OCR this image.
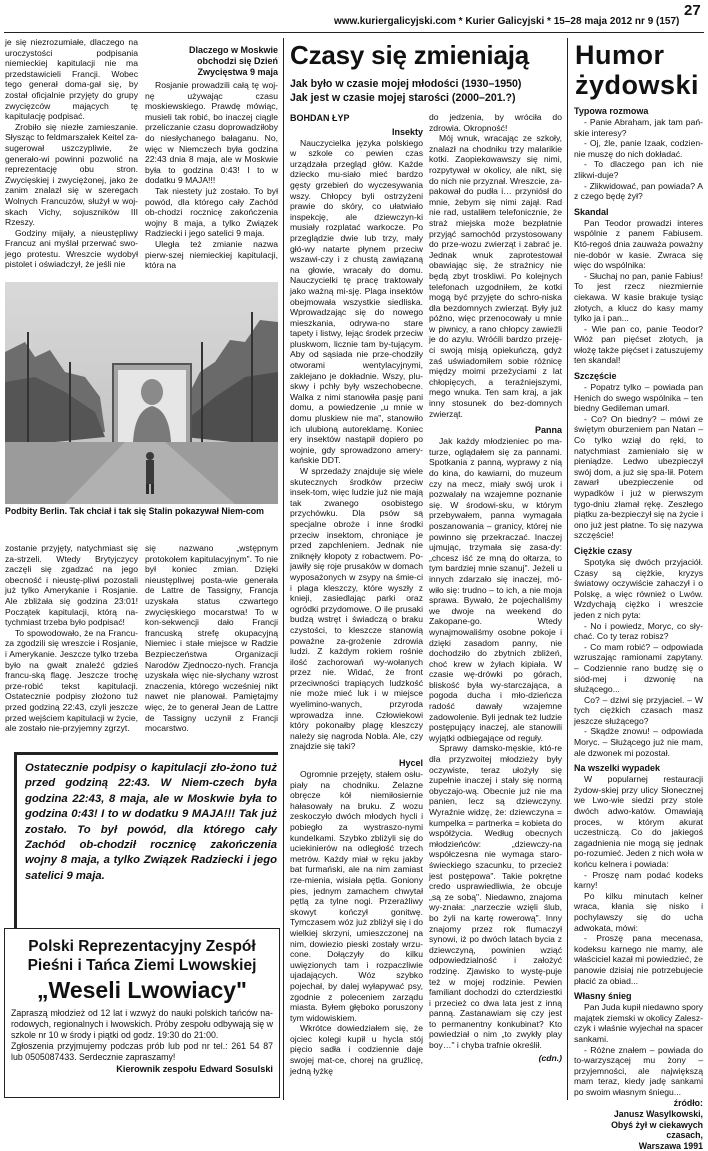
www.kuriergalicyjski.com * Kurier Galicyjski * 15–28 maja 2012 nr 9 (157)
27

je się niezrozumiałe, dlaczego na uroczystości podpisania niemieckiej kapitulacji nie ma przedstawicieli Francji. Wobec tego generał doma-gał się, by został oficjalnie przyjęty do grupy zwycięzców mających tę kapitulację podpisać.

Zrobiło się niezłe zamieszanie. Słysząc to feldmarszałek Keitel za-sugerował uszczypliwie, że generało-wi powinni pozwolić na reprezentację obu stron. Zwycięskiej i zwyciężonej, jako że zanim znalazł się w szeregach Wolnych Francuzów, służył w woj-skach Vichy, sojuszników III Rzeszy.

Godziny mijały, a nieustępliwy Francuz ani myślał przerwać swo-jego protestu. Wreszcie wydobył pistolet i oświadczył, że jeśli nie

Dlaczego w Moskwie obchodzi się Dzień Zwycięstwa 9 maja

Rosjanie prowadzili całą tę woj-nę używając czasu moskiewskiego. Prawdę mówiąc, musieli tak robić, bo inaczej ciągle przeliczanie czasu doprowadziłoby do niesłychanego bałaganu. No, więc w Niemczech była godzina 22:43 dnia 8 maja, ale w Moskwie była to godzina 0:43! I to w dodatku 9 MAJA!!!

Tak niestety już zostało. To był powód, dla którego cały Zachód ob-chodzi rocznicę zakończenia wojny 8 maja, a tylko Związek Radziecki i jego satelici 9 maja.

Uległa też zmianie nazwa pierw-szej niemieckiej kapitulacji, która na

Podbity Berlin. Tak chciał i tak się Stalin pokazywał Niem-com

zostanie przyjęty, natychmiast się za-strzeli. Wtedy Brytyjczycy zaczęli się zgadzać na jego obecność i nieustę-pliwi pozostali już tylko Amerykanie i Rosjanie. Ale zbliżała się godzina 23:01! Początek kapitulacji, którą na-tychmiast trzeba było podpisać!

To spowodowało, że na Francu-za zgodzili się wreszcie i Rosjanie, i Amerykanie. Jeszcze tylko trzeba było na gwałt znaleźć gdzieś francu-ską flagę. Jeszcze trochę prze-robić tekst kapitulacji. Ostatecznie podpisy złożono tuż przed godziną 22:43, czyli jeszcze przed wejściem kapitulacji w życie, ale zostało nie-przyjemny zgrzyt.

się nazwano „wstępnym protokołem kapitulacyjnym". To nie był koniec zmian. Dzięki nieustępliwej posta-wie generała de Lattre de Tassigny, Francja uzyskała status czwartego zwycięskiego mocarstwa! To w kon-sekwencji dało Francji francuską strefę okupacyjną Niemiec i stałe miejsce w Radzie Bezpieczeństwa Organizacji Narodów Zjednoczo-nych. Francja uzyskała więc nie-słychany wzrost znaczenia, którego wcześniej nikt nawet nie planował. Pamiętajmy więc, że to generał Jean de Lattre de Tassigny uczynił z Francji mocarstwo.

Ostatecznie podpisy o kapitulacji zło-żono tuż przed godziną 22:43. W Niem-czech była godzina 22:43, 8 maja, ale w Moskwie była to godzina 0:43! I to w dodatku 9 MAJA!!! Tak już zostało. To był powód, dla którego cały Zachód ob-chodził rocznicę zakończenia wojny 8 maja, a tylko Związek Radziecki i jego satelici 9 maja.
Polski Reprezentacyjny Zespół
Pieśni i Tańca Ziemi Lwowskiej
„Weseli Lwowiacy"
Zapraszą młodzież od 12 lat i wzwyż do nauki polskich tańców na-rodowych, regionalnych i lwowskich. Próby zespołu odbywają się w szkole nr 10 w środy i piątki od godz. 19:30 do 21:00.
Zgłoszenia przyjmujemy podczas prób lub pod nr tel.: 261 54 87 lub 0505087433. Serdecznie zapraszamy!
Kierownik zespołu Edward Sosulski
Czasy się zmieniają
Jak było w czasie mojej młodości (1930–1950)
Jak jest w czasie mojej starości (2000–201.?)
BOHDAN ŁYP
Insekty

Nauczycielka języka polskiego w szkole co pewien czas urządzała przegląd głów. Każde dziecko mu-siało mieć bardzo gęsty grzebień do wyczesywania wszy. Chłopcy byli ostrzyżeni prawie do skóry, co ułatwiało inspekcję, ale dziewczyn-ki musiały rozplatać warkocze. Po przeglądzie dwie lub trzy, mały głó-wy natarte płynem przeciw wszawi-czy i z chustą zawiązaną na głowie, wracały do domu. Nauczycielki tę pracę traktowały jako ważną mi-sję. Plaga insektów obejmowała wszystkie siedliska. Wprowadzając się do nowego mieszkania, odrywa-no stare tapety i listwy, lejąc środek przeciw pluskwom, licznie tam by-tującym. Aby od sąsiada nie prze-chodziły otworami wentylacyjnymi, zaklejano je dokładnie. Wszy, plu-skwy i pchły były wszechobecne. Walka z nimi stanowiła pasję pani domu, a powiedzenie „u mnie w domu pluskiew nie ma", stanowiło ich ulubioną autoreklamę. Koniec ery insektów nastąpił dopiero po wojnie, gdy sprowadzono amery-kańskie DDT.

W sprzedaży znajduje się wiele skutecznych środków przeciw insek-tom, więc ludzie już nie mają tak zwanego osobistego przychówku. Dla psów są specjalne obroże i inne środki przeciw insektom, chroniące je przed zapchleniem. Jednak nie zniknęły kłopoty z robactwem. Po-jawiły się roje prusaków w domach wyposażonych w zsypy na śmie-ci i plaga kleszczy, które wyszły z knieji, zasiedlając parki oraz ogródki przydomowe. O ile prusaki budzą wstręt i świadczą o braku czystości, to kleszcze stanowią poważne za-grożenie zdrowia ludzi. Z każdym rokiem rośnie ilość zachorowań wy-wołanych przez nie. Widać, że front przeciwności trapiących ludzkość nie może mieć luk i w miejsce wyelimino-wanych, przyroda wprowadza inne. Człowiekowi który pokonałby plagę kleszczy należy się nagroda Nobla. Ale, czy znajdzie się taki?

Hycel

Ogromnie przejęty, stałem osłu-piały na chodniku. Żelazne obręcze kół niemiłosiernie hałasowały na bruku. Z wozu zeskoczyło dwóch młodych hycli i pobiegło za wystraszo-nymi kundelkami. Szybko zbliżyli się do uciekinierów na odległość trzech metrów. Każdy miał w ręku jakby bat furmański, ale na nim zamiast rze-mienia, wisiała pętla. Goniony pies, jednym zamachem chwytał pętlą za tylne nogi. Przerażliwy skowyt kończył gonitwę. Tymczasem wóz już zbliżył się i do wielkiej skrzyni, umieszczonej na nim, dowiezio pieski zostały wrzu-cone. Dołączyły do kilku uwięzionych tam i rozpaczliwie ujadających. Wóz szybko pojechał, by dalej wyłapywać psy, zgodnie z poleceniem zarządu miasta. Byłem głęboko poruszony tym widowiskiem.

Wkrótce dowiedziałem się, że ojciec kolegi kupił u hycla stój pięcio sadła i codziennie daje swojej mat-ce, chorej na gruźlicę, jedną łyżkę

do jedzenia, by wróciła do zdrowia. Okropność!

Mój wnuk, wracając ze szkoły, znalazł na chodniku trzy malarikie kotki. Zaopiekowawszy się nimi, rozpytywał w okolicy, ale nikt, się do nich nie przyznał. Wreszcie, za-pakował do pudła i… przyniósł do mnie, żebym się nimi zajął. Rad nie rad, ustaliłem telefonicznie, że straż miejska może bezpłatnie przyjąć samochód przystosowany do prze-wozu zwierząt i zabrać je. Jednak wnuk zaprotestował obawiając się, że strażnicy nie będą zbyt troskliwi. Po kolejnych telefonach uzgodniłem, że kotki mogą być przyjęte do schro-niska dla bezdomnych zwierząt. Były już późno, więc przenocowały u mnie w piwnicy, a rano chłopcy zawieźli je do azylu. Wróćili bardzo przeję-ci swoją misją opiekuńczą, gdyż zaś uświadomiłem sobie różnicę między moimi przeżyciami z lat chłopięcych, a teraźniejszymi, mego wnuka. Ten sam kraj, a jak inny stosunek do bez-domnych zwierząt.

Panna

Jak każdy młodzieniec po ma-turze, oglądałem się za pannami. Spotkania z panną, wyprawy z nią do kina, do kawiarni, do muzeum czy na mecz, miały swój urok i pozwalały na wzajemne poznanie się. W środowi-sku, w którym przebywałem, panna wymagała poszanowania – granicy, której nie powinno się przekraczać. Inaczej ujmując, trzymała się zasa-dy: „chcesz iść ze mną do ołtarza, to tym bardziej mnie szanuj". Jeżeli u innych zdarzało się inaczej, mó-wiło się: trudno – to ich, a nie moja sprawa. Bywało, że pojechaliśmy we dwoje na weekend do Zakopane-go. Wtedy wynajmowaliśmy osobne pokoje i dzięki zasadom panny, nie dochodziło do zbytnich zbliżeń, choć krew w żyłach kipiała. W czasie wę-drówki po górach, bliskość była wy-starczająca, a pogoda ducha i mło-dzieńcza radość dawały wzajemne zadowolenie. Byli jednak też ludzie postępujący inaczej, ale stanowili wyjątki odbiegające od reguły.

Sprawy damsko-męskie, któ-re dla przyzwoitej młodzieży były oczywiste, teraz ułożyły się zupełnie inaczej i stały się normą obyczajo-wą. Obecnie już nie ma panien, lecz są dziewczyny. Wyraźnie widzę, że: dziewczyna = kumpelka = partnerka = kobieta do współżycia. Według obecnych młodzieńców: „dziewczy-na współczesna nie wymaga staro-świeckiego szacunku, to przecież jest postępowa". Takie pokrętne credo usprawiedliwia, że obcuje „są ze sobą". Niedawno, znajoma wy-znała: „narzeczie wzięli ślub, bo żyli na kartę rowerową". Inny znajomy przez rok flumaczył synowi, iż po dwóch latach bycia z dziewczyną, powinien wziąć odpowiedzialność i założyć rodzinę. Zjawisko to wystę-puje też w mojej rodzinie. Pewien familiant dochodzi do czterdziestki i przecież co dwa lata jest z inną panną. Zastanawiam się czy jest to permanentny konkubinat? Kto powiedział o nim „to zwykły play boy…" i chyba trafnie określił.

(cdn.)
Humor
żydowski
Typowa rozmowa

- Panie Abraham, jak tam pań-skie interesy?

- Oj, źle, panie Izaak, codzien-nie muszę do nich dokładać.

- To dlaczego pan ich nie zlikwi-duje?

- Zlikwidować, pan powiada? A z czego będę żył?

Skandal

Pan Teodor prowadzi interes wspólnie z panem Fabiusem. Któ-regoś dnia zauważa poważny nie-dobór w kasie. Zwraca się więc do wspólnika:

- Słuchaj no pan, panie Fabius! To jest rzecz niezmiernie ciekawa. W kasie brakuje tysiąc złotych, a klucz do kasy mamy tylko ja i pan...

- Wie pan co, panie Teodor? Włóż pan pięćset złotych, ja włożę także pięćset i zatuszujemy ten skandal!

Szczęście

- Popatrz tylko – powiada pan Henich do swego wspólnika – ten biedny Gedileman umarł.

- Co? On biedny? – mówi ze świętym oburzeniem pan Natan – Co tylko wziął do ręki, to natychmiast zamieniało się w pieniądze. Ledwo ubezpieczył swój dom, a już się spa-lił. Potem zawarł ubezpieczenie od wypadków i już w pierwszym tygo-dniu złamał rękę. Zeszłego piątku za-bezpieczył się na życie i ono już jest płatne. To się nazywa szczęście!

Ciężkie czasy

Spotyka się dwóch przyjaciół. Czasy są ciężkie, kryzys światowy oczywiście zahaczył i o Polskę, a więc również o Lwów. Wzdychają ciężko i wreszcie jeden z nich pyta:

- No i powiedz, Moryc, co sły-chać. Co ty teraz robisz?

- Co mam robić? – odpowiada wzruszając ramionami zapytany. – Codziennie rano budzę się o siód-mej i dzwonię na służącego...

Co? – dziwi się przyjaciel. – W tych ciężkich czasach masz jeszcze służącego?

- Skądże znowu! – odpowiada Moryc. – Służącego już nie mam, ale dzwonek mi pozostał.

Na wszelki wypadek

W popularnej restauracji żydow-skiej przy ulicy Słonecznej we Lwo-wie siedzi przy stole dwóch adwo-katów. Omawiają proces, w którym akurat uczestniczą. Co do jakiegoś zagadnienia nie mogą się jednak po-rozumieć. Jeden z nich woła w końcu kelnera i powiada:

- Proszę nam podać kodeks karny!

Po kilku minutach kelner wraca, kłania się nisko i pochylawszy się do ucha adwokata, mówi:

- Proszę pana mecenasa, kodeksu karnego nie mamy, ale właściciel kazał mi powiedzieć, że panowie dzisiaj nie potrzebujecie płacić za obiad...

Własny śnieg

Pan Juda kupił niedawno spory majątek ziemski w okolicy Zalesz-czyk i właśnie wyjechał na spacer sankami.

- Różne znałem – powiada do to-warzyszącej mu żony – przyjemności, ale największą mam teraz, kiedy jadę sankami po swoim własnym śniegu...

źródło:
Janusz Wasylkowski,
Obyś żył w ciekawych
czasach,
Warszawa 1991
